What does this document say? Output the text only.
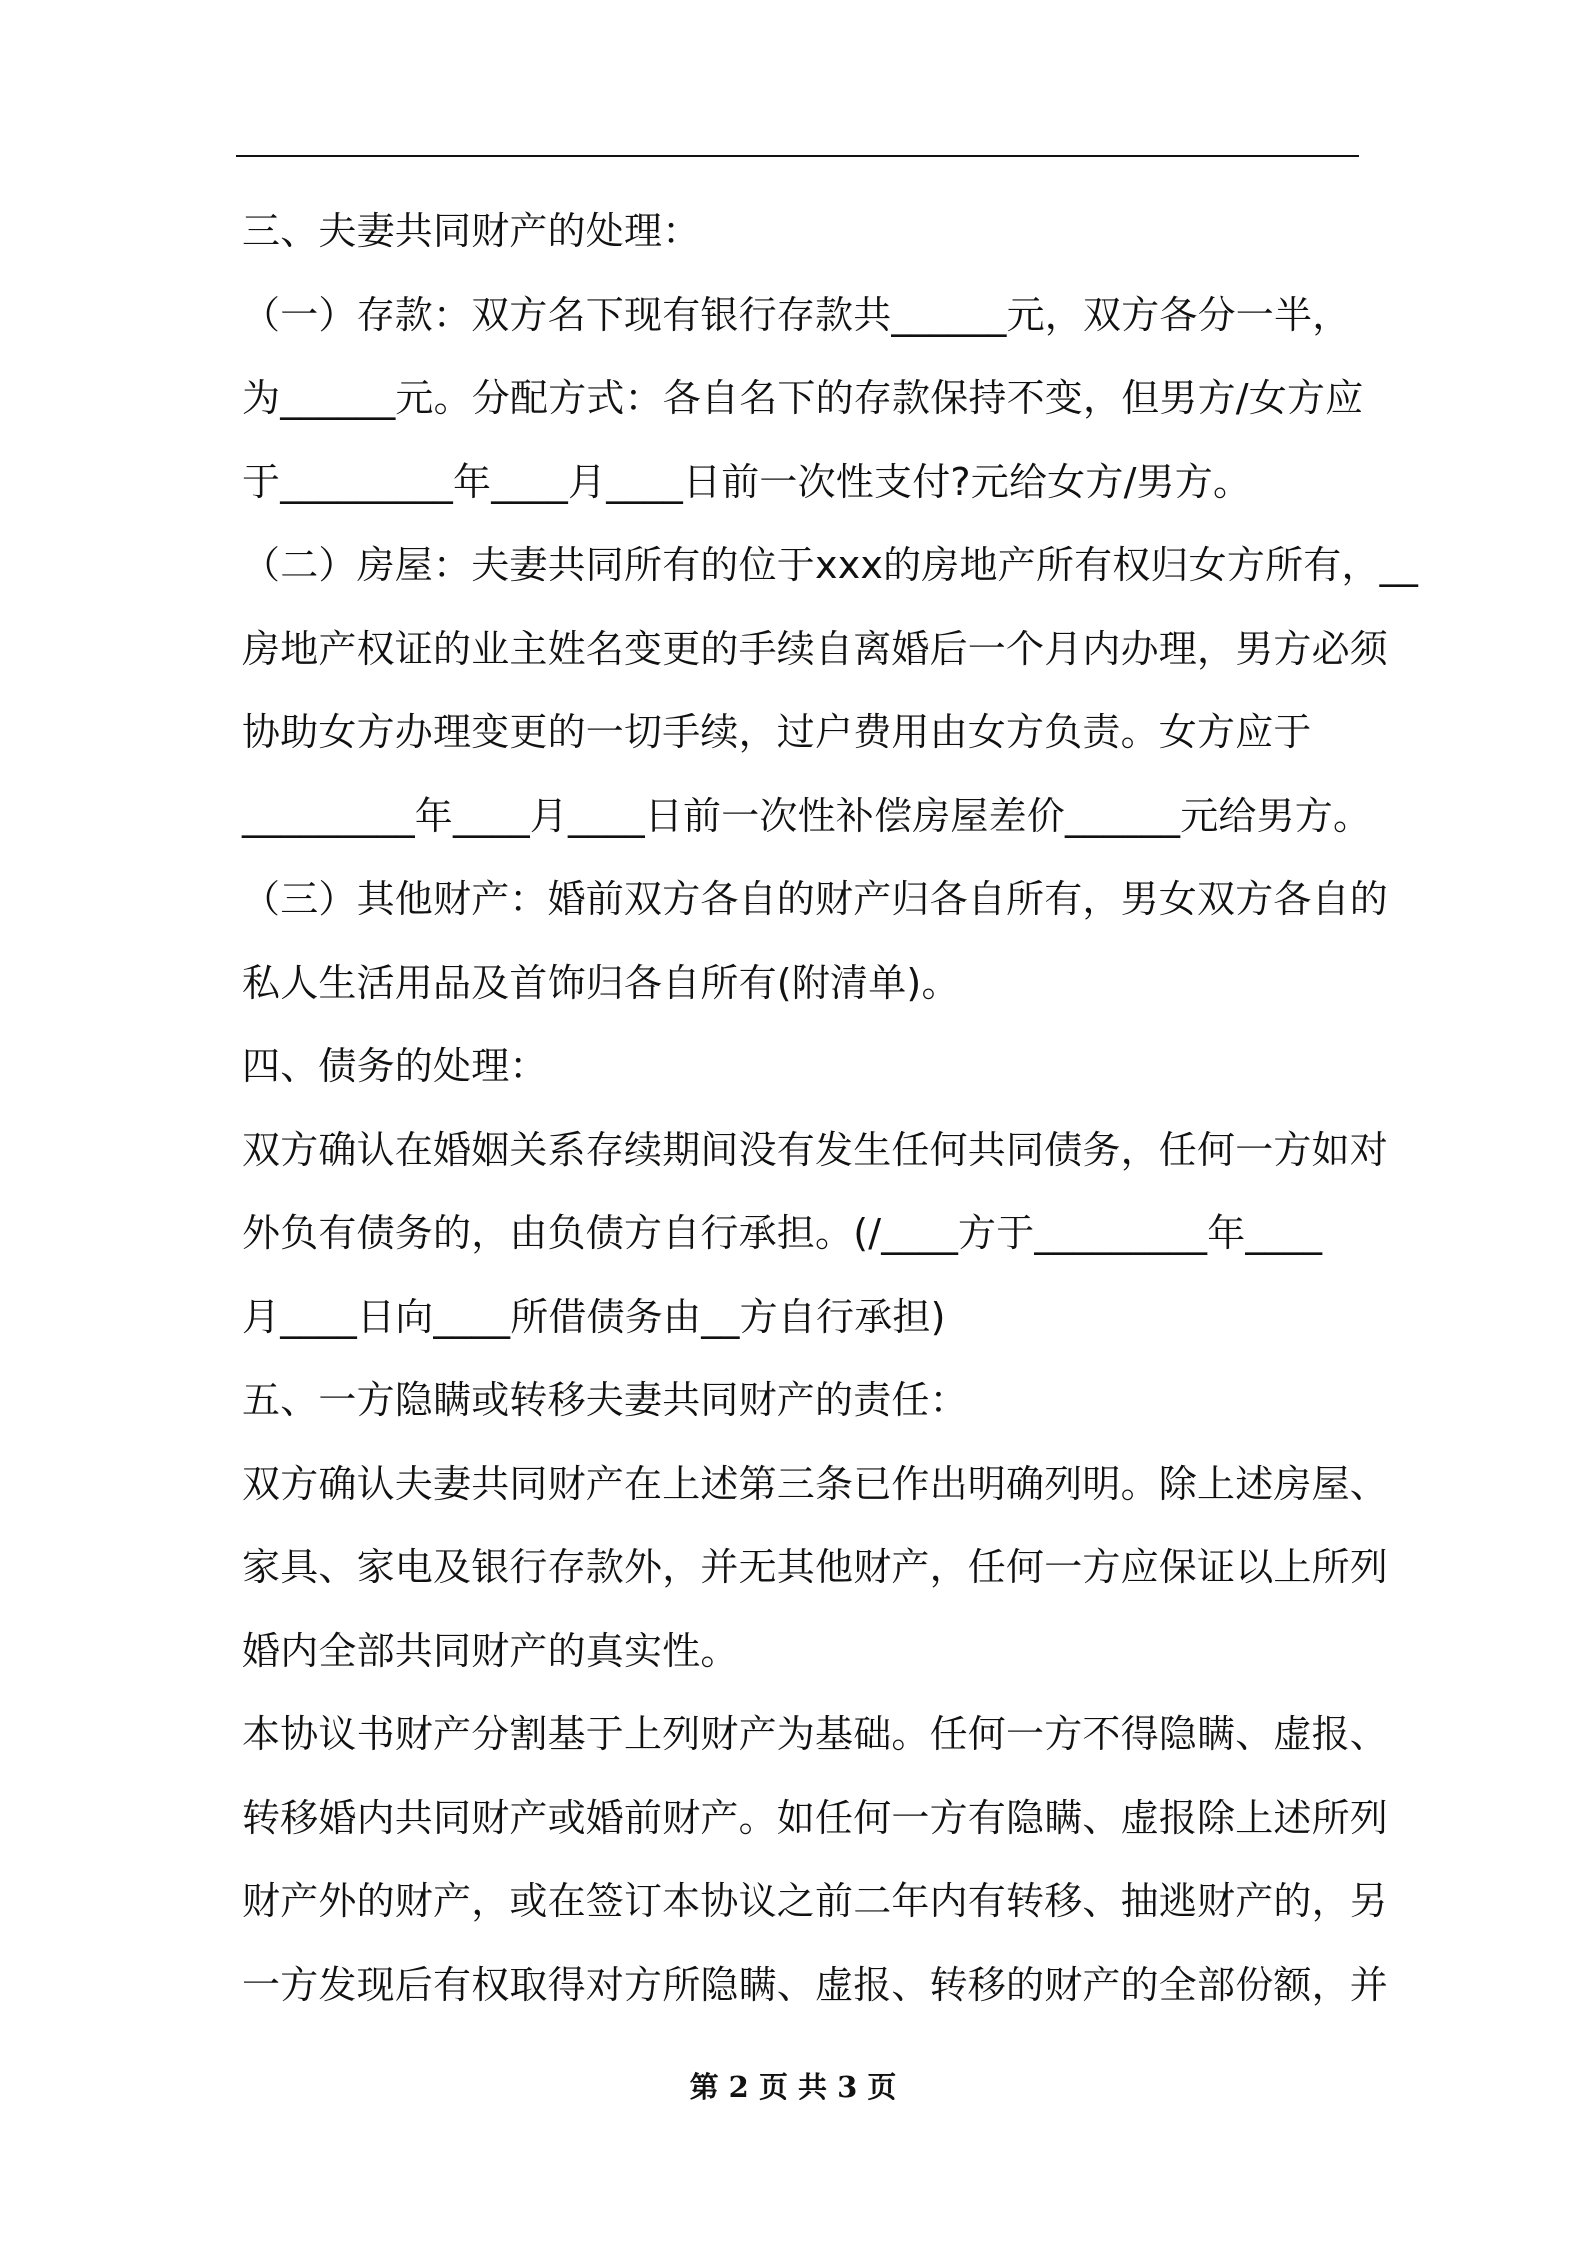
三、夫妻共同财产的处理：
（一）存款：双方名下现有银行存款共______元，双方各分一半，
为______元。分配方式：各自名下的存款保持不变，但男方/女方应
于_________年____月____日前一次性支付?元给女方/男方。
（二）房屋：夫妻共同所有的位于xxx的房地产所有权归女方所有，__
房地产权证的业主姓名变更的手续自离婚后一个月内办理，男方必须
协助女方办理变更的一切手续，过户费用由女方负责。女方应于
_________年____月____日前一次性补偿房屋差价______元给男方。
（三）其他财产：婚前双方各自的财产归各自所有，男女双方各自的
私人生活用品及首饰归各自所有(附清单)。
四、债务的处理：
双方确认在婚姻关系存续期间没有发生任何共同债务，任何一方如对
外负有债务的，由负债方自行承担。(/____方于_________年____
月____日向____所借债务由__方自行承担)
五、一方隐瞒或转移夫妻共同财产的责任：
双方确认夫妻共同财产在上述第三条已作出明确列明。除上述房屋、
家具、家电及银行存款外，并无其他财产，任何一方应保证以上所列
婚内全部共同财产的真实性。
本协议书财产分割基于上列财产为基础。任何一方不得隐瞒、虚报、
转移婚内共同财产或婚前财产。如任何一方有隐瞒、虚报除上述所列
财产外的财产，或在签订本协议之前二年内有转移、抽逃财产的，另
一方发现后有权取得对方所隐瞒、虚报、转移的财产的全部份额，并
第 2 页 共 3 页
